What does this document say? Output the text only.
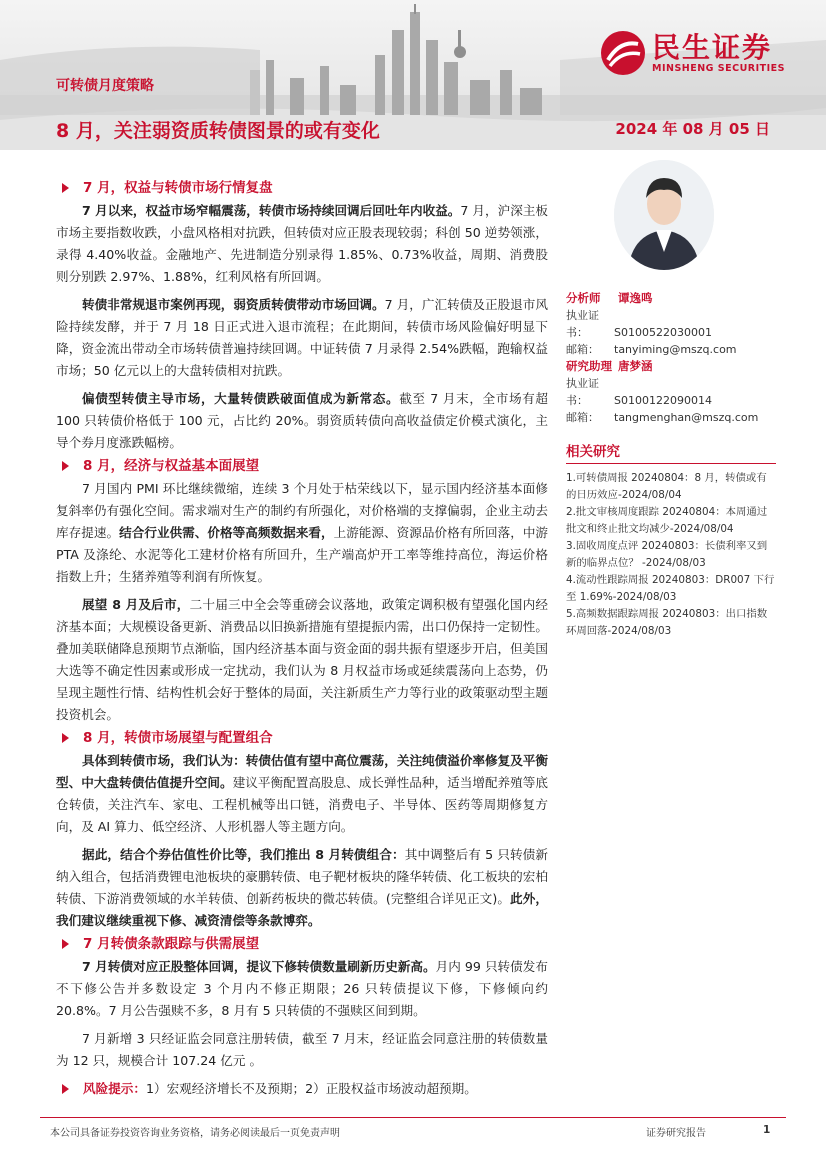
民生证券
MINSHENG SECURITIES
可转债月度策略
8 月，关注弱资质转债图景的或有变化	2024 年 08 月 05 日
7 月，权益与转债市场行情复盘

7 月以来，权益市场窄幅震荡，转债市场持续回调后回吐年内收益。7 月，沪深主板市场主要指数收跌，小盘风格相对抗跌，但转债对应正股表现较弱；科创 50 逆势领涨，录得 4.40%收益。金融地产、先进制造分别录得 1.85%、0.73%收益，周期、消费股则分别跌 2.97%、1.88%，红利风格有所回调。

转债非常规退市案例再现，弱资质转债带动市场回调。7 月，广汇转债及正股退市风险持续发酵，并于 7 月 18 日正式进入退市流程；在此期间，转债市场风险偏好明显下降，资金流出带动全市场转债普遍持续回调。中证转债 7 月录得 2.54%跌幅，跑输权益市场；50 亿元以上的大盘转债相对抗跌。

偏债型转债主导市场，大量转债跌破面值成为新常态。截至 7 月末，全市场有超 100 只转债价格低于 100 元，占比约 20%。弱资质转债向高收益债定价模式演化，主导个券月度涨跌幅榜。

8 月，经济与权益基本面展望

7 月国内 PMI 环比继续微缩，连续 3 个月处于枯荣线以下，显示国内经济基本面修复斜率仍有强化空间。需求端对生产的制约有所强化，对价格端的支撑偏弱，企业主动去库存提速。结合行业供需、价格等高频数据来看，上游能源、资源品价格有所回落，中游 PTA 及涤纶、水泥等化工建材价格有所回升，生产端高炉开工率等维持高位，海运价格指数上升；生猪养殖等利润有所恢复。

展望 8 月及后市，二十届三中全会等重磅会议落地，政策定调积极有望强化国内经济基本面；大规模设备更新、消费品以旧换新措施有望提振内需，出口仍保持一定韧性。叠加美联储降息预期节点渐临，国内经济基本面与资金面的弱共振有望逐步开启，但美国大选等不确定性因素或形成一定扰动，我们认为 8 月权益市场或延续震荡向上态势，仍呈现主题性行情、结构性机会好于整体的局面，关注新质生产力等行业的政策驱动型主题投资机会。

8 月，转债市场展望与配置组合

具体到转债市场，我们认为：转债估值有望中高位震荡，关注纯债溢价率修复及平衡型、中大盘转债估值提升空间。建议平衡配置高股息、成长弹性品种，适当增配养殖等底仓转债，关注汽车、家电、工程机械等出口链，消费电子、半导体、医药等周期修复方向，及 AI 算力、低空经济、人形机器人等主题方向。

据此，结合个券估值性价比等，我们推出 8 月转债组合：其中调整后有 5 只转债新纳入组合，包括消费锂电池板块的豪鹏转债、电子靶材板块的隆华转债、化工板块的宏柏转债、下游消费领域的水羊转债、创新药板块的微芯转债。(完整组合详见正文)。此外，我们建议继续重视下修、减资清偿等条款博弈。

7 月转债条款跟踪与供需展望

7 月转债对应正股整体回调，提议下修转债数量刷新历史新高。月内 99 只转债发布不下修公告并多数设定 3 个月内不修正期限；26 只转债提议下修，下修倾向约 20.8%。7 月公告强赎不多，8 月有 5 只转债的不强赎区间到期。

7 月新增 3 只经证监会同意注册转债，截至 7 月末，经证监会同意注册的转债数量为 12 只，规模合计 107.24 亿元 。

风险提示： 1）宏观经济增长不及预期；2）正股权益市场波动超预期。
分析师 谭逸鸣
执业证书： S0100522030001
邮箱： tanyiming@mszq.com
研究助理 唐梦涵
执业证书： S0100122090014
邮箱： tangmenghan@mszq.com
相关研究
1.可转债周报 20240804：8 月，转债或有的日历效应-2024/08/04
2.批文审核周度跟踪 20240804：本周通过批文和终止批文均减少-2024/08/04
3.固收周度点评 20240803：长债利率又到新的临界点位？ -2024/08/03
4.流动性跟踪周报 20240803：DR007 下行至 1.69%-2024/08/03
5.高频数据跟踪周报 20240803：出口指数环周回落-2024/08/03
本公司具备证券投资咨询业务资格，请务必阅读最后一页免责声明	证券研究报告	1
